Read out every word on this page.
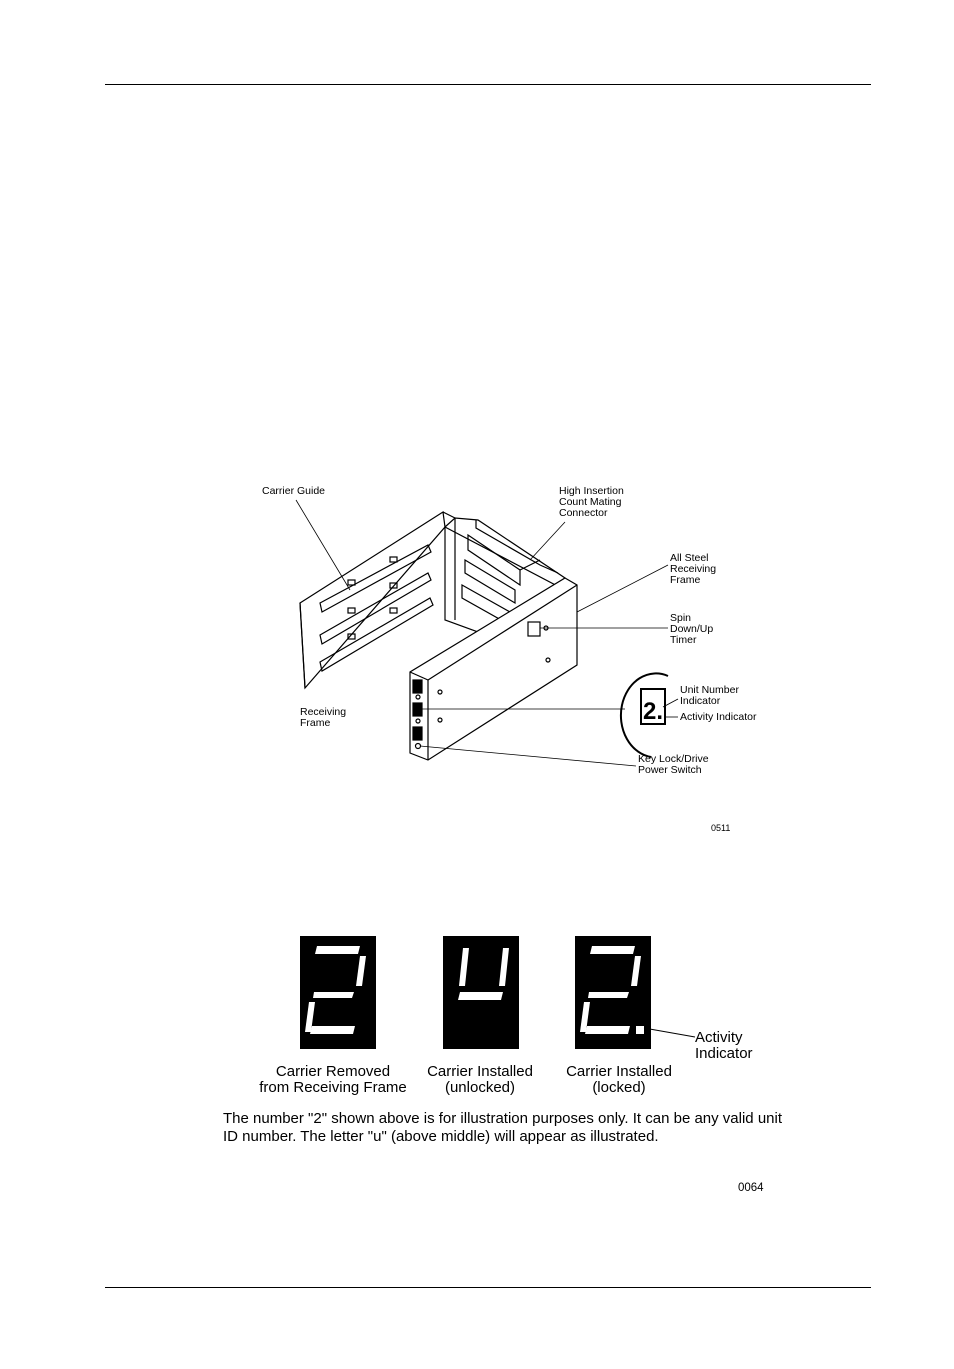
2.
Carrier Guide	High Insertion
Count Mating
Connector
All Steel
Receiving
Frame
Spin
Down/Up
Timer
Unit Number
Indicator
Activity Indicator
Receiving
Frame
Key Lock/Drive
Power Switch
0511
Carrier Removed
from Receiving Frame
Carrier Installed
(unlocked)
Carrier Installed
(locked)
Activity
Indicator
The number "2" shown above is for illustration purposes only. It can be any valid unit ID number. The letter "u" (above middle) will appear as illustrated.
0064
